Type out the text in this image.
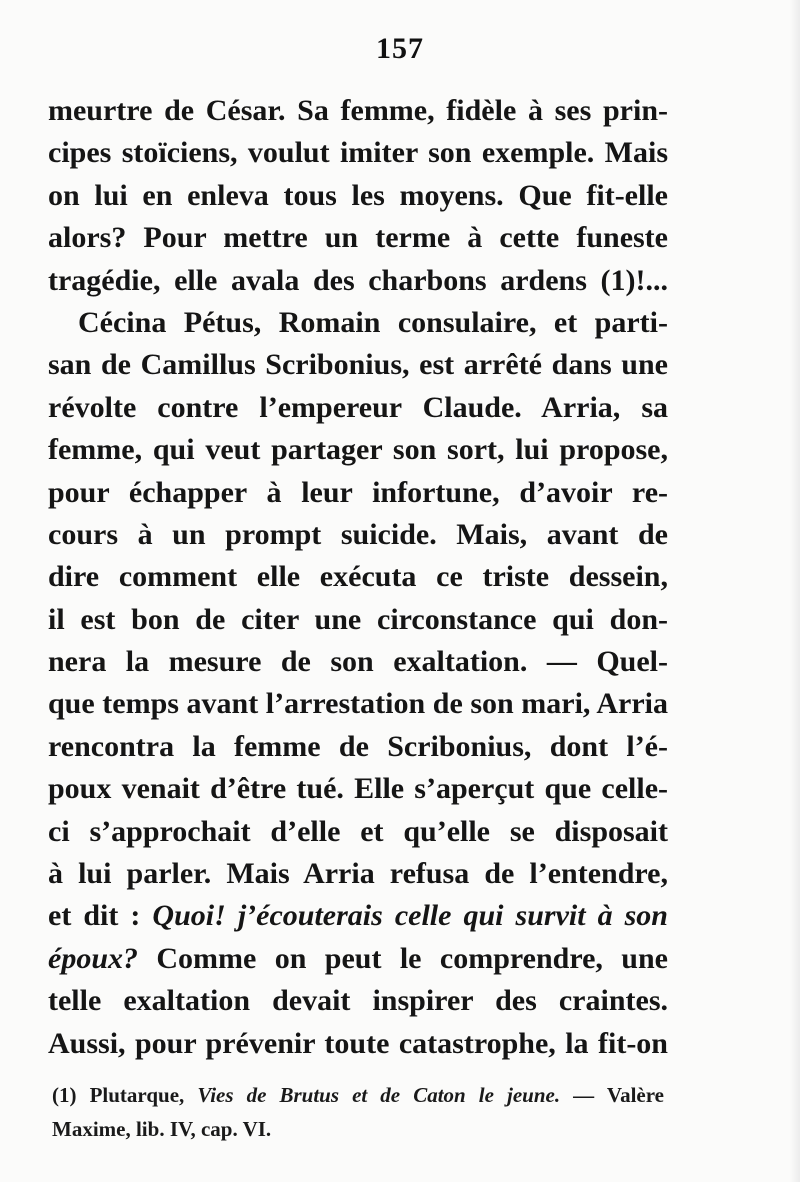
157
meurtre de César. Sa femme, fidèle à ses prin-
cipes stoïciens, voulut imiter son exemple. Mais
on lui en enleva tous les moyens. Que fit-elle
alors? Pour mettre un terme à cette funeste
tragédie, elle avala des charbons ardens (1)!...
Cécina Pétus, Romain consulaire, et parti-
san de Camillus Scribonius, est arrêté dans une
révolte contre l’empereur Claude. Arria, sa
femme, qui veut partager son sort, lui propose,
pour échapper à leur infortune, d’avoir re-
cours à un prompt suicide. Mais, avant de
dire comment elle exécuta ce triste dessein,
il est bon de citer une circonstance qui don-
nera la mesure de son exaltation. — Quel-
que temps avant l’arrestation de son mari, Arria
rencontra la femme de Scribonius, dont l’é-
poux venait d’être tué. Elle s’aperçut que celle-
ci s’approchait d’elle et qu’elle se disposait
à lui parler. Mais Arria refusa de l’entendre,
et dit : Quoi! j’écouterais celle qui survit à son
époux? Comme on peut le comprendre, une
telle exaltation devait inspirer des craintes.
Aussi, pour prévenir toute catastrophe, la fit-on
(1) Plutarque, Vies de Brutus et de Caton le jeune. — Valère
Maxime, lib. IV, cap. VI.
